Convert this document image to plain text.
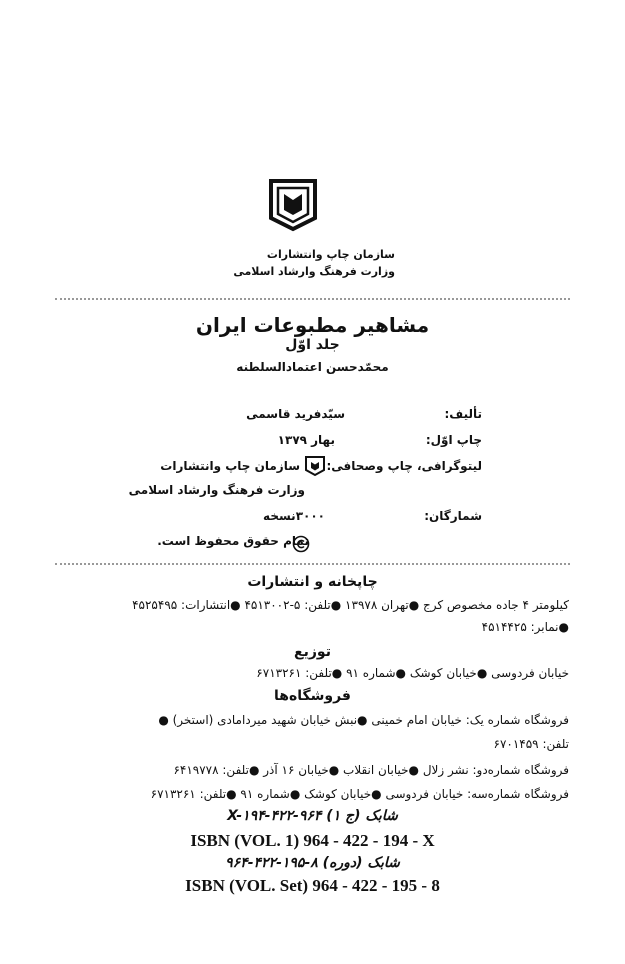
سازمان چاپ وانتشارات
وزارت فرهنگ وارشاد اسلامی
مشاهیر مطبوعات ایران
جلد اوّل
محمّدحسن اعتمادالسلطنه
تألیف:
سیّدفرید قاسمی
چاپ اوّل:
بهار ۱۳۷۹
لیتوگرافی، چاپ وصحافی:
سازمان چاپ وانتشارات
وزارت فرهنگ وارشاد اسلامی
شمارگان:
۳۰۰۰نسخه
تمام حقوق محفوظ است.
چاپخانه و انتشارات
کیلومتر ۴ جاده مخصوص کرج ●تهران ۱۳۹۷۸ ●تلفن: ۵-۴۵۱۳۰۰۲ ●انتشارات: ۴۵۲۵۴۹۵
●نمابر: ۴۵۱۴۴۲۵
توزیع
خیابان فردوسی ●خیابان کوشک ●شماره ۹۱ ●تلفن: ۶۷۱۳۲۶۱
فروشگاه‌ها
فروشگاه شماره یک: خیابان امام خمینی ●نبش خیابان شهید میرداماد‌ی (استخر) ●
تلفن: ۶۷۰۱۴۵۹
فروشگاه شماره‌دو: نشر زلال ●خیابان انقلاب ●خیابان ۱۶ آذر ●تلفن: ۶۴۱۹۷۷۸
فروشگاه شماره‌سه: خیابان فردوسی ●خیابان کوشک ●شماره ۹۱ ●تلفن: ۶۷۱۳۲۶۱
شابک (ج ۱) X-۱۹۴-۴۲۲-۹۶۴
ISBN (VOL. 1) 964 - 422 - 194 - X
شابک (دوره) ۸-۱۹۵-۴۲۲-۹۶۴
ISBN (VOL. Set) 964 - 422 - 195 - 8
